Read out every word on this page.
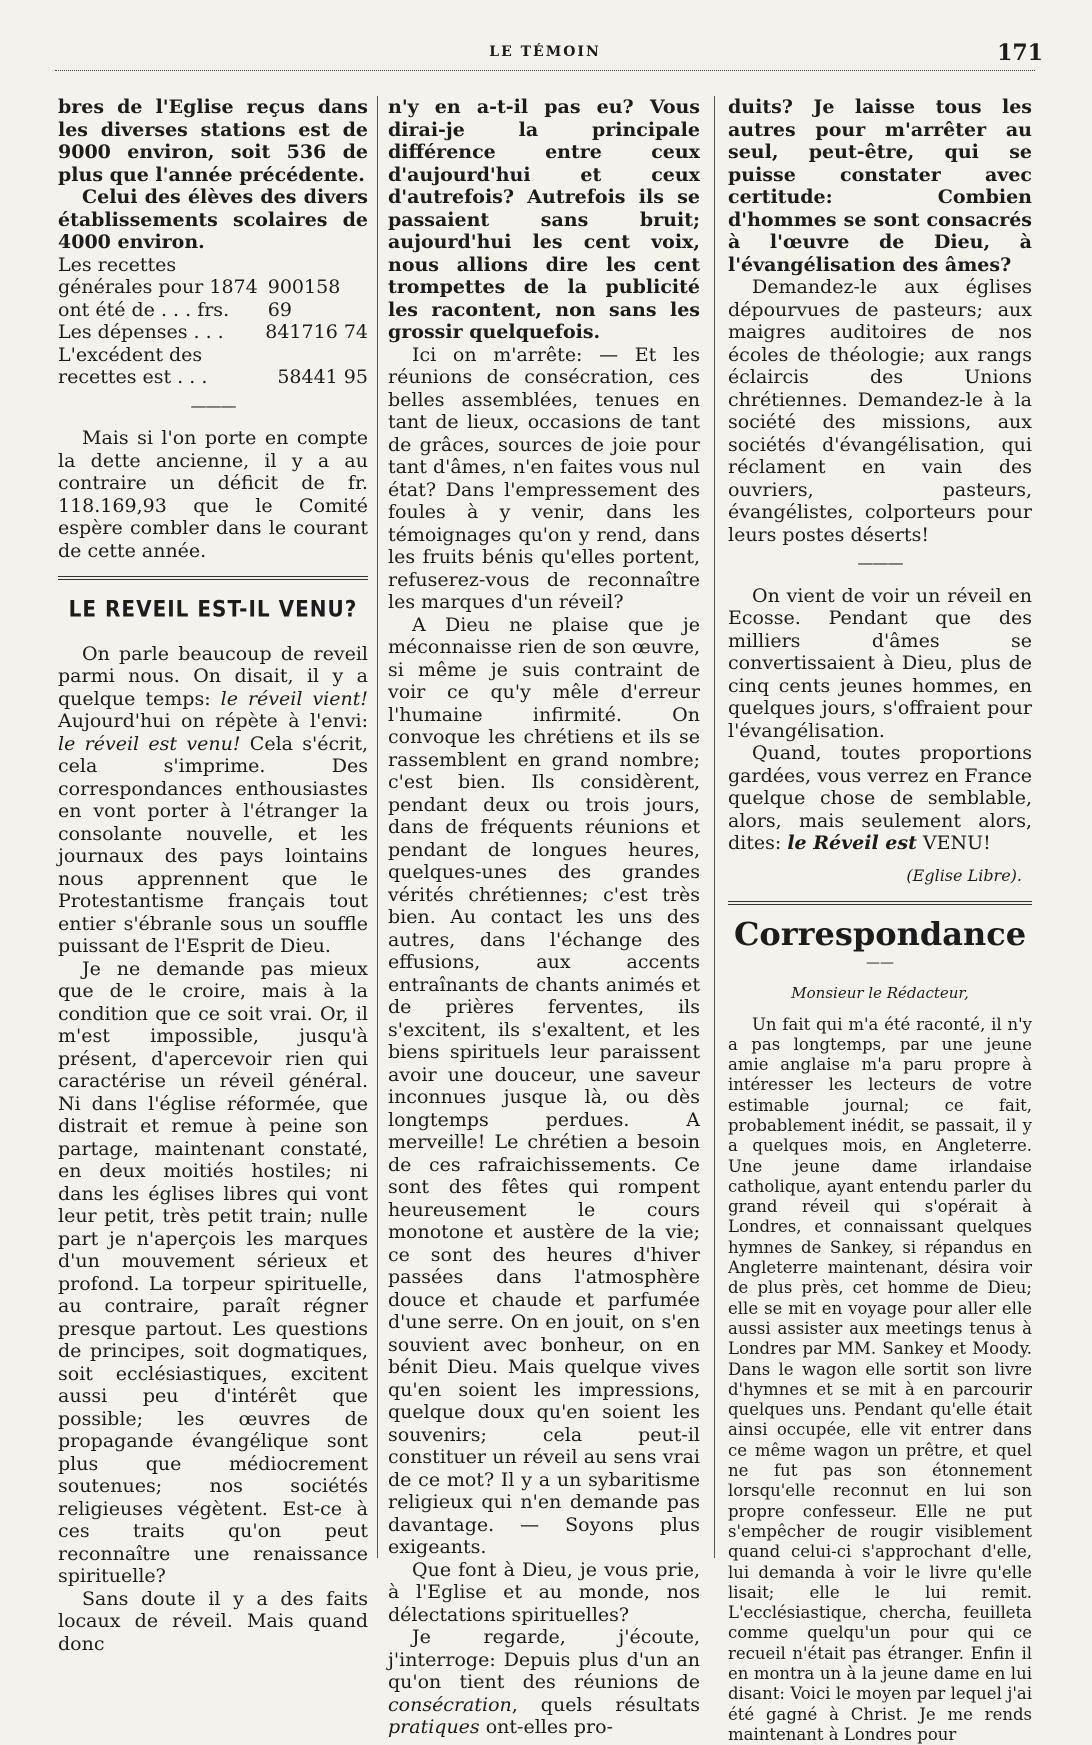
LE TÉMOIN	171

bres de l'Eglise reçus dans les diverses stations est de 9000 environ, soit 536 de plus que l'année précédente.

Celui des élèves des divers établissements scolaires de 4000 environ.

Les recettes générales pour 1874 ont été de . . . frs.
900158 69
Les dépenses . . . 841716 74
L'excédent des recettes est . . .	58441 95
———

Mais si l'on porte en compte la dette ancienne, il y a au contraire un déficit de fr. 118.169,93 que le Comité espère combler dans le courant de cette année.

LE REVEIL EST-IL VENU?

On parle beaucoup de reveil parmi nous. On disait, il y a quelque temps: le réveil vient! Aujourd'hui on répète à l'envi: le réveil est venu! Cela s'écrit, cela s'imprime. Des correspondances enthousiastes en vont porter à l'étranger la consolante nouvelle, et les journaux des pays lointains nous apprennent que le Protestantisme français tout entier s'ébranle sous un souffle puissant de l'Esprit de Dieu.

Je ne demande pas mieux que de le croire, mais à la condition que ce soit vrai. Or, il m'est impossible, jusqu'à présent, d'apercevoir rien qui caractérise un réveil général. Ni dans l'église réformée, que distrait et remue à peine son partage, maintenant constaté, en deux moitiés hostiles; ni dans les églises libres qui vont leur petit, très petit train; nulle part je n'aperçois les marques d'un mouvement sérieux et profond. La torpeur spirituelle, au contraire, paraît régner presque partout. Les questions de principes, soit dogmatiques, soit ecclésiastiques, excitent aussi peu d'intérêt que possible; les œuvres de propagande évangélique sont plus que médiocrement soutenues; nos sociétés religieuses végètent. Est-ce à ces traits qu'on peut reconnaître une renaissance spirituelle?

Sans doute il y a des faits locaux de réveil. Mais quand donc

n'y en a-t-il pas eu? Vous dirai-je la principale différence entre ceux d'aujourd'hui et ceux d'autrefois? Autrefois ils se passaient sans bruit; aujourd'hui les cent voix, nous allions dire les cent trompettes de la publicité les racontent, non sans les grossir quelquefois.

Ici on m'arrête: — Et les réunions de consécration, ces belles assemblées, tenues en tant de lieux, occasions de tant de grâces, sources de joie pour tant d'âmes, n'en faites vous nul état? Dans l'empressement des foules à y venir, dans les témoignages qu'on y rend, dans les fruits bénis qu'elles portent, refuserez-vous de reconnaître les marques d'un réveil?

A Dieu ne plaise que je méconnaisse rien de son œuvre, si même je suis contraint de voir ce qu'y mêle d'erreur l'humaine infirmité. On convoque les chrétiens et ils se rassemblent en grand nombre; c'est bien. Ils considèrent, pendant deux ou trois jours, dans de fréquents réunions et pendant de longues heures, quelques-unes des grandes vérités chrétiennes; c'est très bien. Au contact les uns des autres, dans l'échange des effusions, aux accents entraînants de chants animés et de prières ferventes, ils s'excitent, ils s'exaltent, et les biens spirituels leur paraissent avoir une douceur, une saveur inconnues jusque là, ou dès longtemps perdues. A merveille! Le chrétien a besoin de ces rafraichissements. Ce sont des fêtes qui rompent heureusement le cours monotone et austère de la vie; ce sont des heures d'hiver passées dans l'atmosphère douce et chaude et parfumée d'une serre. On en jouit, on s'en souvient avec bonheur, on en bénit Dieu. Mais quelque vives qu'en soient les impressions, quelque doux qu'en soient les souvenirs; cela peut-il constituer un réveil au sens vrai de ce mot? Il y a un sybaritisme religieux qui n'en demande pas davantage. — Soyons plus exigeants.

Que font à Dieu, je vous prie, à l'Eglise et au monde, nos délectations spirituelles?

Je regarde, j'écoute, j'interroge: Depuis plus d'un an qu'on tient des réunions de consécration, quels résultats pratiques ont-elles pro-

duits? Je laisse tous les autres pour m'arrêter au seul, peut-être, qui se puisse constater avec certitude: Combien d'hommes se sont consacrés à l'œuvre de Dieu, à l'évangélisation des âmes?

Demandez-le aux églises dépourvues de pasteurs; aux maigres auditoires de nos écoles de théologie; aux rangs éclaircis des Unions chrétiennes. Demandez-le à la société des missions, aux sociétés d'évangélisation, qui réclament en vain des ouvriers, pasteurs, évangélistes, colporteurs pour leurs postes déserts!

———

On vient de voir un réveil en Ecosse. Pendant que des milliers d'âmes se convertissaient à Dieu, plus de cinq cents jeunes hommes, en quelques jours, s'offraient pour l'évangélisation.

Quand, toutes proportions gardées, vous verrez en France quelque chose de semblable, alors, mais seulement alors, dites: le Réveil est VENU!

(Eglise Libre).
Correspondance
——
Monsieur le Rédacteur,

Un fait qui m'a été raconté, il n'y a pas longtemps, par une jeune amie anglaise m'a paru propre à intéresser les lecteurs de votre estimable journal; ce fait, probablement inédit, se passait, il y a quelques mois, en Angleterre. Une jeune dame irlandaise catholique, ayant entendu parler du grand réveil qui s'opérait à Londres, et connaissant quelques hymnes de Sankey, si répandus en Angleterre maintenant, désira voir de plus près, cet homme de Dieu; elle se mit en voyage pour aller elle aussi assister aux meetings tenus à Londres par MM. Sankey et Moody. Dans le wagon elle sortit son livre d'hymnes et se mit à en parcourir quelques uns. Pendant qu'elle était ainsi occupée, elle vit entrer dans ce même wagon un prêtre, et quel ne fut pas son étonnement lorsqu'elle reconnut en lui son propre confesseur. Elle ne put s'empêcher de rougir visiblement quand celui-ci s'approchant d'elle, lui demanda à voir le livre qu'elle lisait; elle le lui remit. L'ecclésiastique, chercha, feuilleta comme quelqu'un pour qui ce recueil n'était pas étranger. Enfin il en montra un à la jeune dame en lui disant: Voici le moyen par lequel j'ai été gagné à Christ. Je me rends maintenant à Londres pour
